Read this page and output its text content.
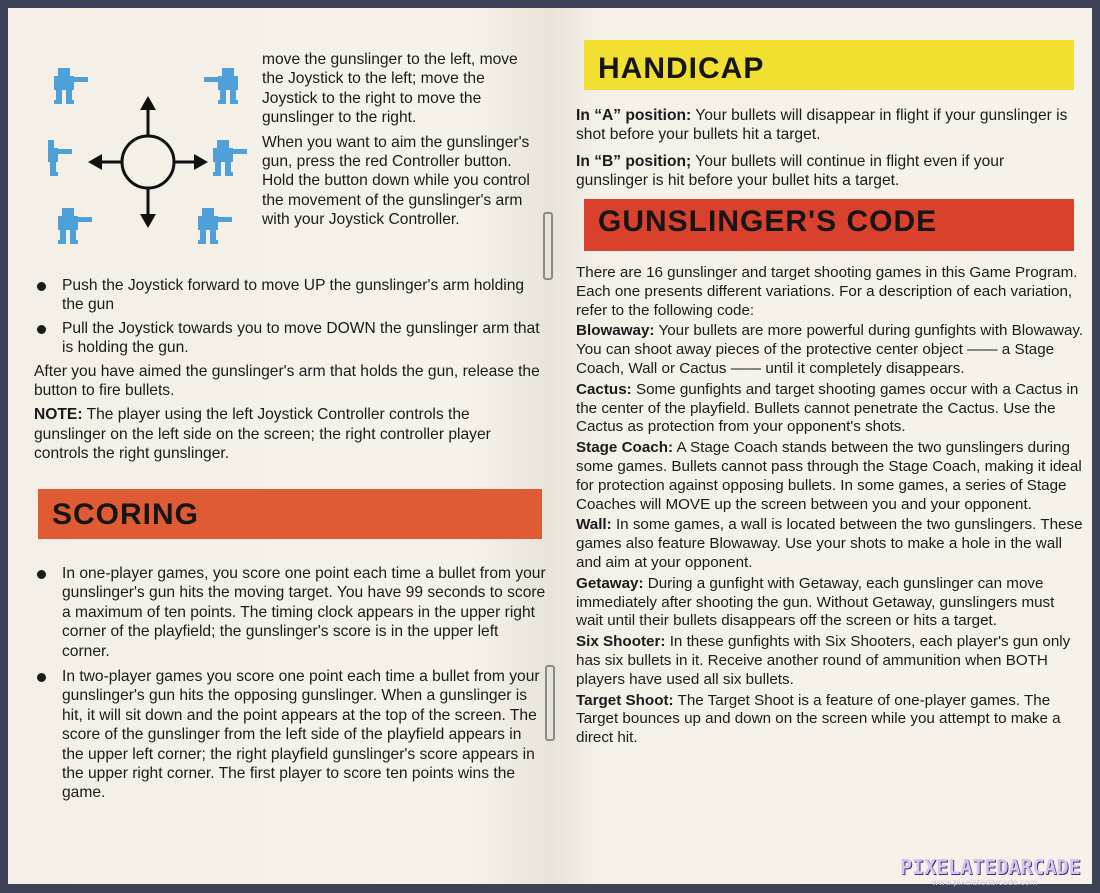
move the gunslinger to the left, move the Joystick to the left; move the Joystick to the right to move the gunslinger to the right.

When you want to aim the gunslinger's gun, press the red Controller button. Hold the button down while you control the movement of the gunslinger's arm with your Joystick Controller.

Push the Joystick forward to move UP the gunslinger's arm holding the gun
Pull the Joystick towards you to move DOWN the gunslinger arm that is holding the gun.

After you have aimed the gunslinger's arm that holds the gun, release the button to fire bullets.

NOTE: The player using the left Joystick Controller controls the gunslinger on the left side on the screen; the right controller player controls the right gunslinger.

SCORING
In one-player games, you score one point each time a bullet from your gunslinger's gun hits the moving target. You have 99 seconds to score a maximum of ten points. The timing clock appears in the upper right corner of the playfield; the gunslinger's score is in the upper left corner.
In two-player games you score one point each time a bullet from your gunslinger's gun hits the opposing gunslinger. When a gunslinger is hit, it will sit down and the point appears at the top of the screen. The score of the gunslinger from the left side of the playfield appears in the upper left corner; the right playfield gunslinger's score appears in the upper right corner. The first player to score ten points wins the game.
HANDICAP

In “A” position: Your bullets will disappear in flight if your gunslinger is shot before your bullets hit a target.

In “B” position; Your bullets will continue in flight even if your gunslinger is hit before your bullet hits a target.

GUNSLINGER'S CODE

There are 16 gunslinger and target shooting games in this Game Program. Each one presents different variations. For a description of each variation, refer to the following code:

Blowaway: Your bullets are more powerful during gunfights with Blowaway. You can shoot away pieces of the protective center object —— a Stage Coach, Wall or Cactus —— until it completely disappears.

Cactus: Some gunfights and target shooting games occur with a Cactus in the center of the playfield. Bullets cannot penetrate the Cactus. Use the Cactus as protection from your opponent's shots.

Stage Coach: A Stage Coach stands between the two gunslingers during some games. Bullets cannot pass through the Stage Coach, making it ideal for protection against opposing bullets. In some games, a series of Stage Coaches will MOVE up the screen between you and your opponent.

Wall: In some games, a wall is located between the two gunslingers. These games also feature Blowaway. Use your shots to make a hole in the wall and aim at your opponent.

Getaway: During a gunfight with Getaway, each gunslinger can move immediately after shooting the gun. Without Getaway, gunslingers must wait until their bullets disappears off the screen or hits a target.

Six Shooter: In these gunfights with Six Shooters, each player's gun only has six bullets in it. Receive another round of ammunition when BOTH players have used all six bullets.

Target Shoot: The Target Shoot is a feature of one-player games. The Target bounces up and down on the screen while you attempt to make a direct hit.

PIXELATEDARCADE
www.pixelatedarcade.com
